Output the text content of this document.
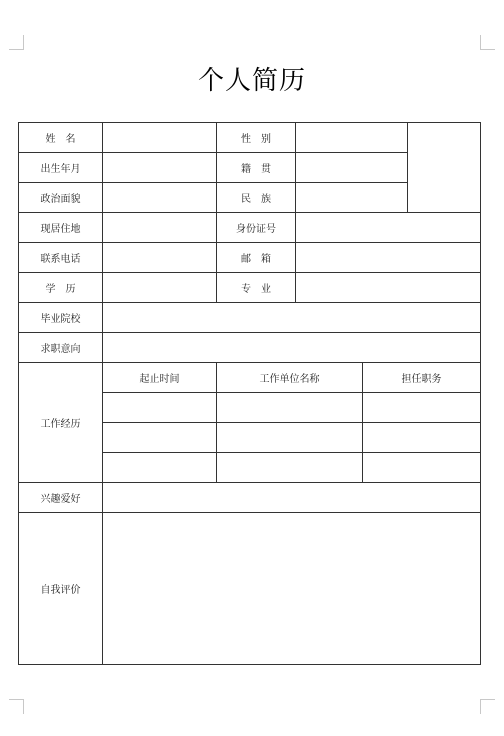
个人简历
姓　名		性　别			
出生年月		籍　贯			
政治面貌		民　族			
现居住地		身份证号			
联系电话		邮　箱			
学　历		专　业			
毕业院校					
求职意向					
工作经历	起止时间	工作单位名称		担任职务	

兴趣爱好					
自我评价					
